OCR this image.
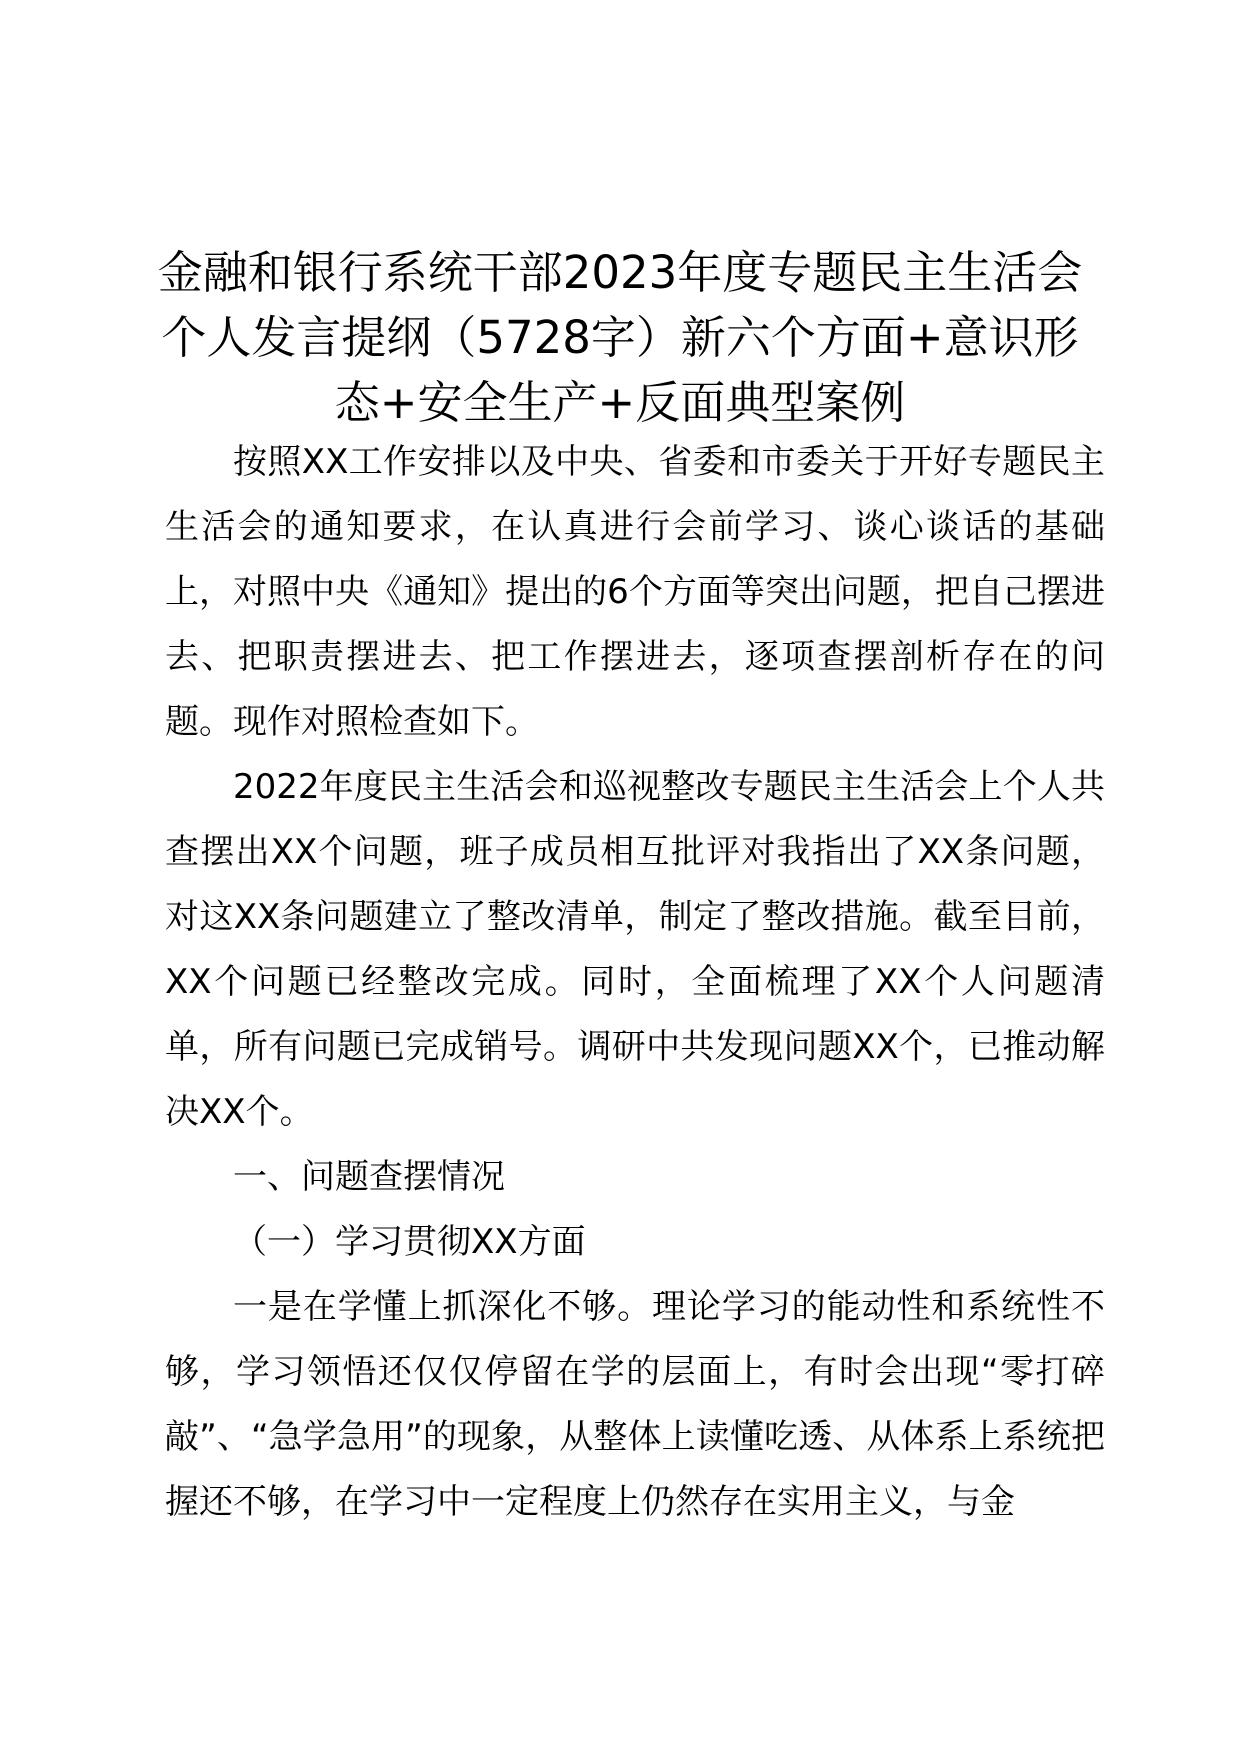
金融和银行系统干部2023年度专题民主生活会个人发言提纲（5728字）新六个方面+意识形态+安全生产+反面典型案例

按照XX工作安排以及中央、省委和市委关于开好专题民主生活会的通知要求，在认真进行会前学习、谈心谈话的基础上，对照中央《通知》提出的6个方面等突出问题，把自己摆进去、把职责摆进去、把工作摆进去，逐项查摆剖析存在的问题。现作对照检查如下。

2022年度民主生活会和巡视整改专题民主生活会上个人共查摆出XX个问题，班子成员相互批评对我指出了XX条问题，对这XX条问题建立了整改清单，制定了整改措施。截至目前，XX个问题已经整改完成。同时，全面梳理了XX个人问题清单，所有问题已完成销号。调研中共发现问题XX个，已推动解决XX个。

一、问题查摆情况

（一）学习贯彻XX方面

一是在学懂上抓深化不够。理论学习的能动性和系统性不够，学习领悟还仅仅停留在学的层面上，有时会出现“零打碎敲”、“急学急用”的现象，从整体上读懂吃透、从体系上系统把握还不够，在学习中一定程度上仍然存在实用主义，与金
